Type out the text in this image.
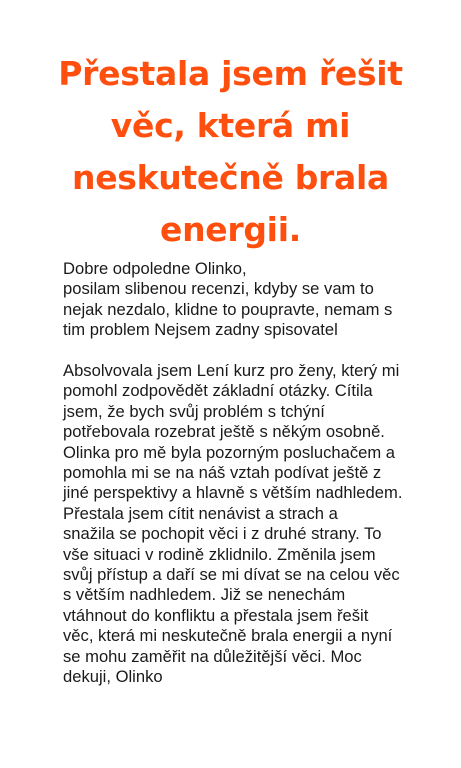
Přestala jsem řešit
věc, která mi
neskutečně brala
energii.

Dobre odpoledne Olinko,
posilam slibenou recenzi, kdyby se vam to
nejak nezdalo, klidne to poupravte, nemam s
tim problem Nejsem zadny spisovatel

Absolvovala jsem Lení kurz pro ženy, který mi
pomohl zodpovědět základní otázky. Cítila
jsem, že bych svůj problém s tchýní
potřebovala rozebrat ještě s někým osobně.
Olinka pro mě byla pozorným posluchačem a
pomohla mi se na náš vztah podívat ještě z
jiné perspektivy a hlavně s větším nadhledem.
Přestala jsem cítit nenávist a strach a
snažila se pochopit věci i z druhé strany. To
vše situaci v rodině zklidnilo. Změnila jsem
svůj přístup a daří se mi dívat se na celou věc
s větším nadhledem. Již se nenechám
vtáhnout do konfliktu a přestala jsem řešit
věc, která mi neskutečně brala energii a nyní
se mohu zaměřit na důležitější věci. Moc
dekuji, Olinko
